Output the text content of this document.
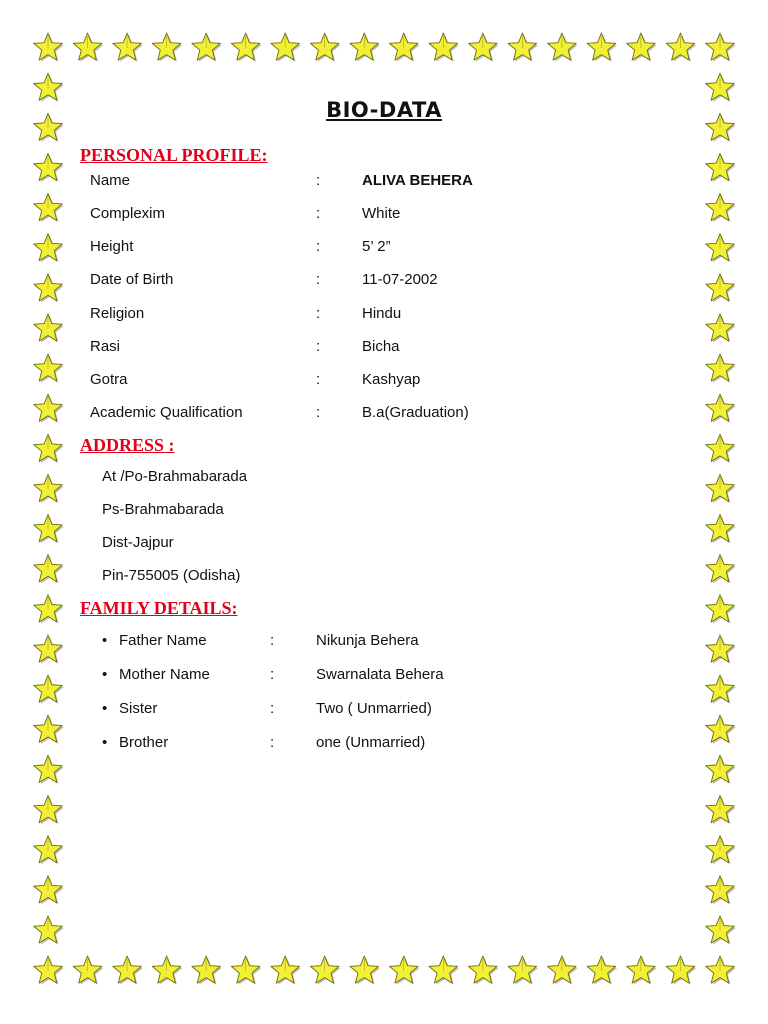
BIO-DATA
PERSONAL PROFILE:
Name	:	ALIVA BEHERA
Complexim	:	White
Height	:	5’ 2”
Date of Birth	:	11-07-2002
Religion	:	Hindu
Rasi	:	Bicha
Gotra	:	Kashyap
Academic Qualification	:	B.a(Graduation)
ADDRESS :
At /Po-Brahmabarada
Ps-Brahmabarada
Dist-Jajpur
Pin-755005 (Odisha)
FAMILY DETAILS:
• Father Name	:	Nikunja Behera
• Mother Name	:	Swarnalata Behera
• Sister	:	Two ( Unmarried)
• Brother	:	one (Unmarried)
